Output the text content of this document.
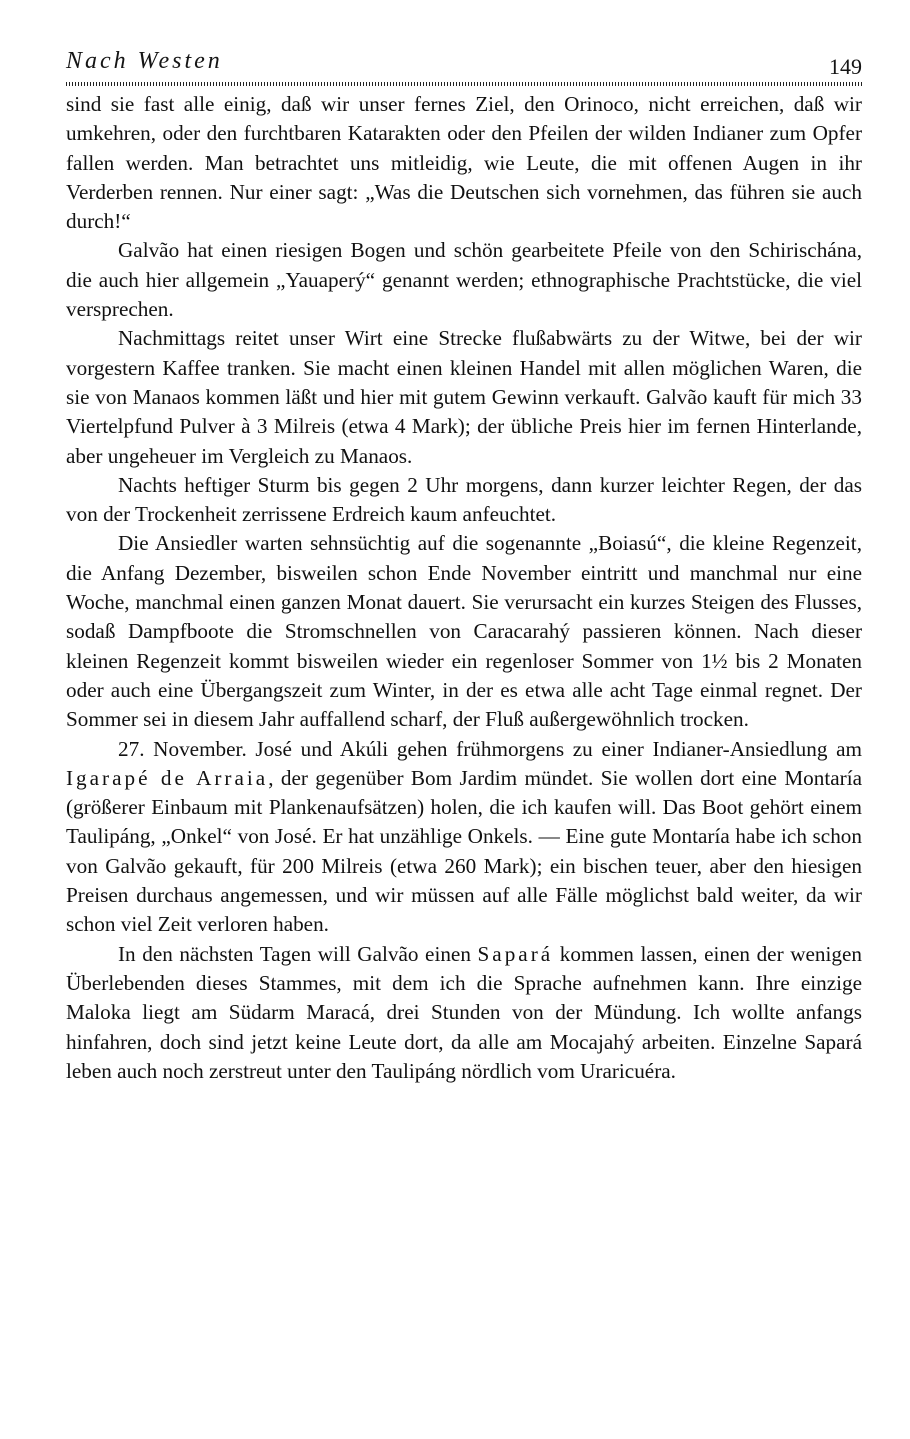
Nach Westen	149

sind sie fast alle einig, daß wir unser fernes Ziel, den Orinoco, nicht erreichen, daß wir umkehren, oder den furchtbaren Katarakten oder den Pfeilen der wilden Indianer zum Opfer fallen werden. Man betrachtet uns mitleidig, wie Leute, die mit offenen Augen in ihr Verderben rennen. Nur einer sagt: „Was die Deutschen sich vornehmen, das führen sie auch durch!“

Galvão hat einen riesigen Bogen und schön gearbeitete Pfeile von den Schirischána, die auch hier allgemein „Yauaperý“ genannt werden; ethnographische Prachtstücke, die viel versprechen.

Nachmittags reitet unser Wirt eine Strecke flußabwärts zu der Witwe, bei der wir vorgestern Kaffee tranken. Sie macht einen kleinen Handel mit allen möglichen Waren, die sie von Manaos kommen läßt und hier mit gutem Gewinn verkauft. Galvão kauft für mich 33 Viertelpfund Pulver à 3 Milreis (etwa 4 Mark); der übliche Preis hier im fernen Hinterlande, aber ungeheuer im Vergleich zu Manaos.

Nachts heftiger Sturm bis gegen 2 Uhr morgens, dann kurzer leichter Regen, der das von der Trockenheit zerrissene Erdreich kaum anfeuchtet.

Die Ansiedler warten sehnsüchtig auf die sogenannte „Boiasú“, die kleine Regenzeit, die Anfang Dezember, bisweilen schon Ende November eintritt und manchmal nur eine Woche, manchmal einen ganzen Monat dauert. Sie verursacht ein kurzes Steigen des Flusses, sodaß Dampfboote die Stromschnellen von Caracarahý passieren können. Nach dieser kleinen Regenzeit kommt bisweilen wieder ein regenloser Sommer von 1½ bis 2 Monaten oder auch eine Übergangszeit zum Winter, in der es etwa alle acht Tage einmal regnet. Der Sommer sei in diesem Jahr auffallend scharf, der Fluß außergewöhnlich trocken.

27. November. José und Akúli gehen frühmorgens zu einer Indianer-Ansiedlung am Igarapé de Arraia, der gegenüber Bom Jardim mündet. Sie wollen dort eine Montaría (größerer Einbaum mit Plankenaufsätzen) holen, die ich kaufen will. Das Boot gehört einem Taulipáng, „Onkel“ von José. Er hat unzählige Onkels. — Eine gute Montaría habe ich schon von Galvão gekauft, für 200 Milreis (etwa 260 Mark); ein bischen teuer, aber den hiesigen Preisen durchaus angemessen, und wir müssen auf alle Fälle möglichst bald weiter, da wir schon viel Zeit verloren haben.

In den nächsten Tagen will Galvão einen Sapará kommen lassen, einen der wenigen Überlebenden dieses Stammes, mit dem ich die Sprache aufnehmen kann. Ihre einzige Maloka liegt am Südarm Maracá, drei Stunden von der Mündung. Ich wollte anfangs hinfahren, doch sind jetzt keine Leute dort, da alle am Mocajahý arbeiten. Einzelne Sapará leben auch noch zerstreut unter den Taulipáng nördlich vom Uraricuéra.
